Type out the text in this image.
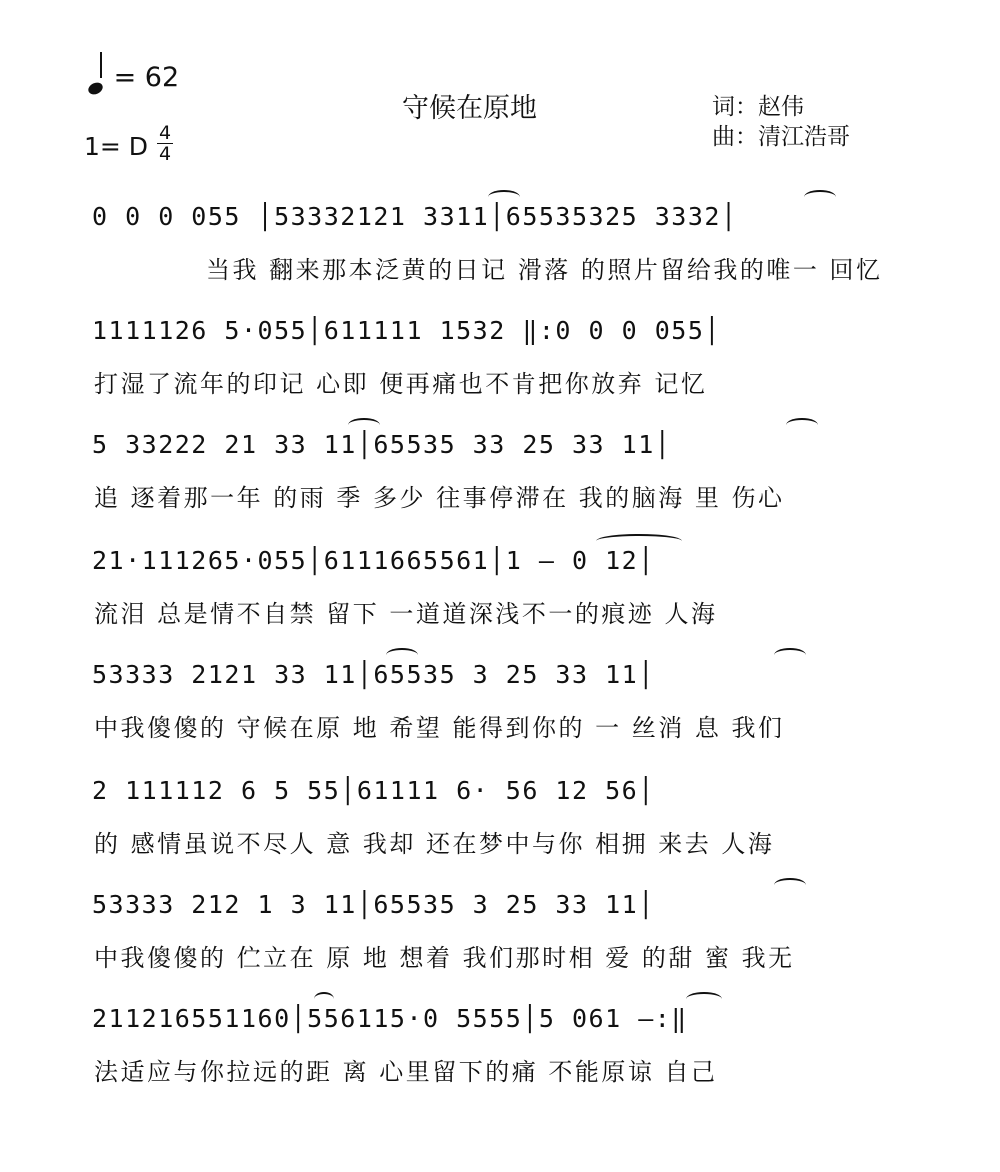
= 62
守候在原地	词：赵伟
曲：清江浩哥
1= D 4
4
0 0 0 055 │53332121 3311│65535325 3332│
当我 翻来那本泛黄的日记 滑落 的照片留给我的唯一 回忆
1111126 5·055│611111 1532 ‖:0 0 0 055│
打湿了流年的印记 心即 便再痛也不肯把你放弃 记忆
5 33222 21 33 11│65535 33 25 33 11│
追 逐着那一年 的雨 季 多少 往事停滞在 我的脑海 里 伤心
21·111265·055│6111665561│1 — 0 12│
流泪 总是情不自禁 留下 一道道深浅不一的痕迹 人海
53333 2121 33 11│65535 3 25 33 11│
中我傻傻的 守候在原 地 希望 能得到你的 一 丝消 息 我们
2 111112 6 5 55│61111 6· 56 12 56│
的 感情虽说不尽人 意 我却 还在梦中与你 相拥 来去 人海
53333 212 1 3 11│65535 3 25 33 11│
中我傻傻的 伫立在 原 地 想着 我们那时相 爱 的甜 蜜 我无
211216551160│556115·0 5555│5 061 —:‖
法适应与你拉远的距 离 心里留下的痛 不能原谅 自己
